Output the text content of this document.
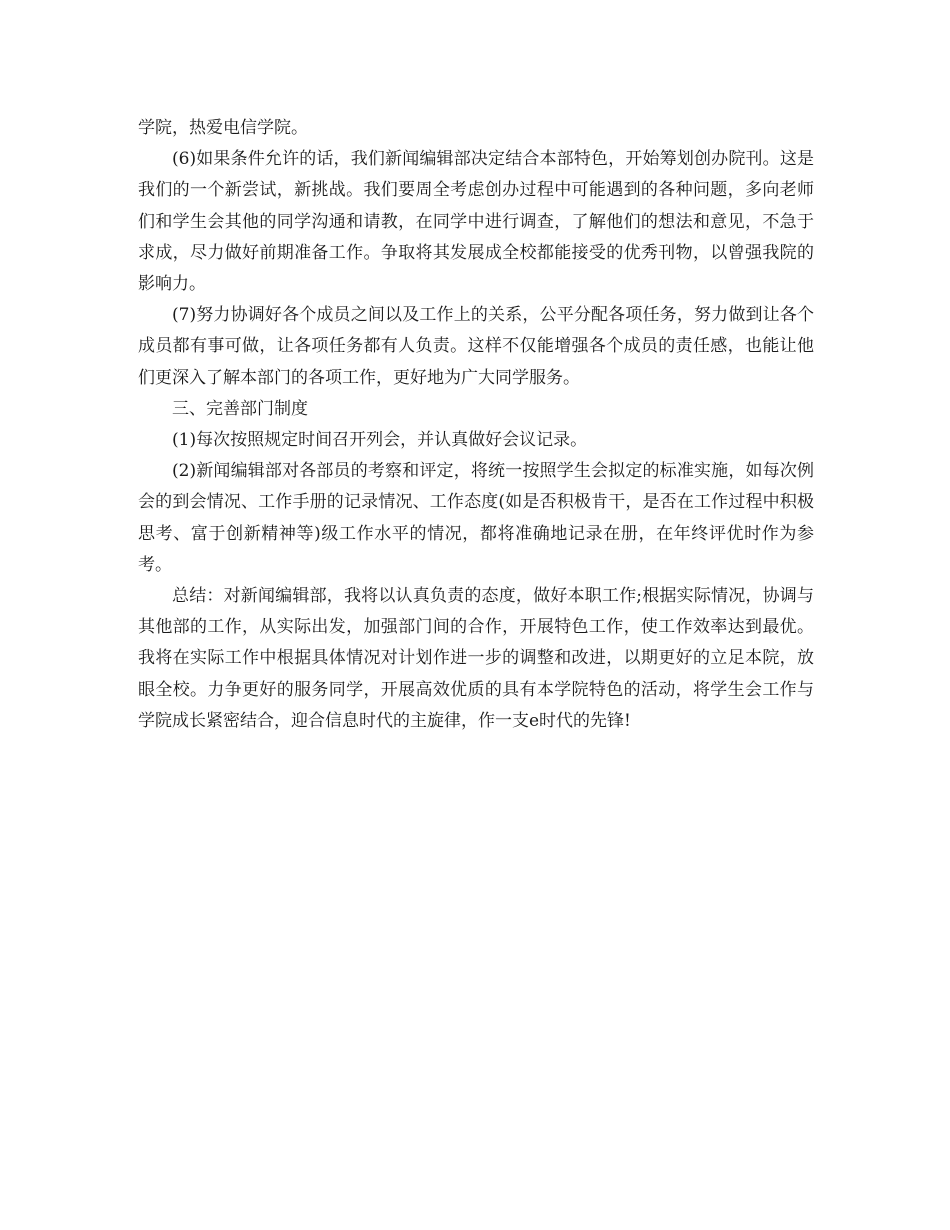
学院，热爱电信学院。

(6)如果条件允许的话，我们新闻编辑部决定结合本部特色，开始筹划创办院刊。这是我们的一个新尝试，新挑战。我们要周全考虑创办过程中可能遇到的各种问题，多向老师们和学生会其他的同学沟通和请教，在同学中进行调查，了解他们的想法和意见，不急于求成，尽力做好前期准备工作。争取将其发展成全校都能接受的优秀刊物，以曾强我院的影响力。

(7)努力协调好各个成员之间以及工作上的关系，公平分配各项任务，努力做到让各个成员都有事可做，让各项任务都有人负责。这样不仅能增强各个成员的责任感，也能让他们更深入了解本部门的各项工作，更好地为广大同学服务。

三、完善部门制度

(1)每次按照规定时间召开列会，并认真做好会议记录。

(2)新闻编辑部对各部员的考察和评定，将统一按照学生会拟定的标准实施，如每次例会的到会情况、工作手册的记录情况、工作态度(如是否积极肯干，是否在工作过程中积极思考、富于创新精神等)级工作水平的情况，都将准确地记录在册，在年终评优时作为参考。

总结：对新闻编辑部，我将以认真负责的态度，做好本职工作;根据实际情况，协调与其他部的工作，从实际出发，加强部门间的合作，开展特色工作，使工作效率达到最优。我将在实际工作中根据具体情况对计划作进一步的调整和改进，以期更好的立足本院，放眼全校。力争更好的服务同学，开展高效优质的具有本学院特色的活动，将学生会工作与学院成长紧密结合，迎合信息时代的主旋律，作一支e时代的先锋!
